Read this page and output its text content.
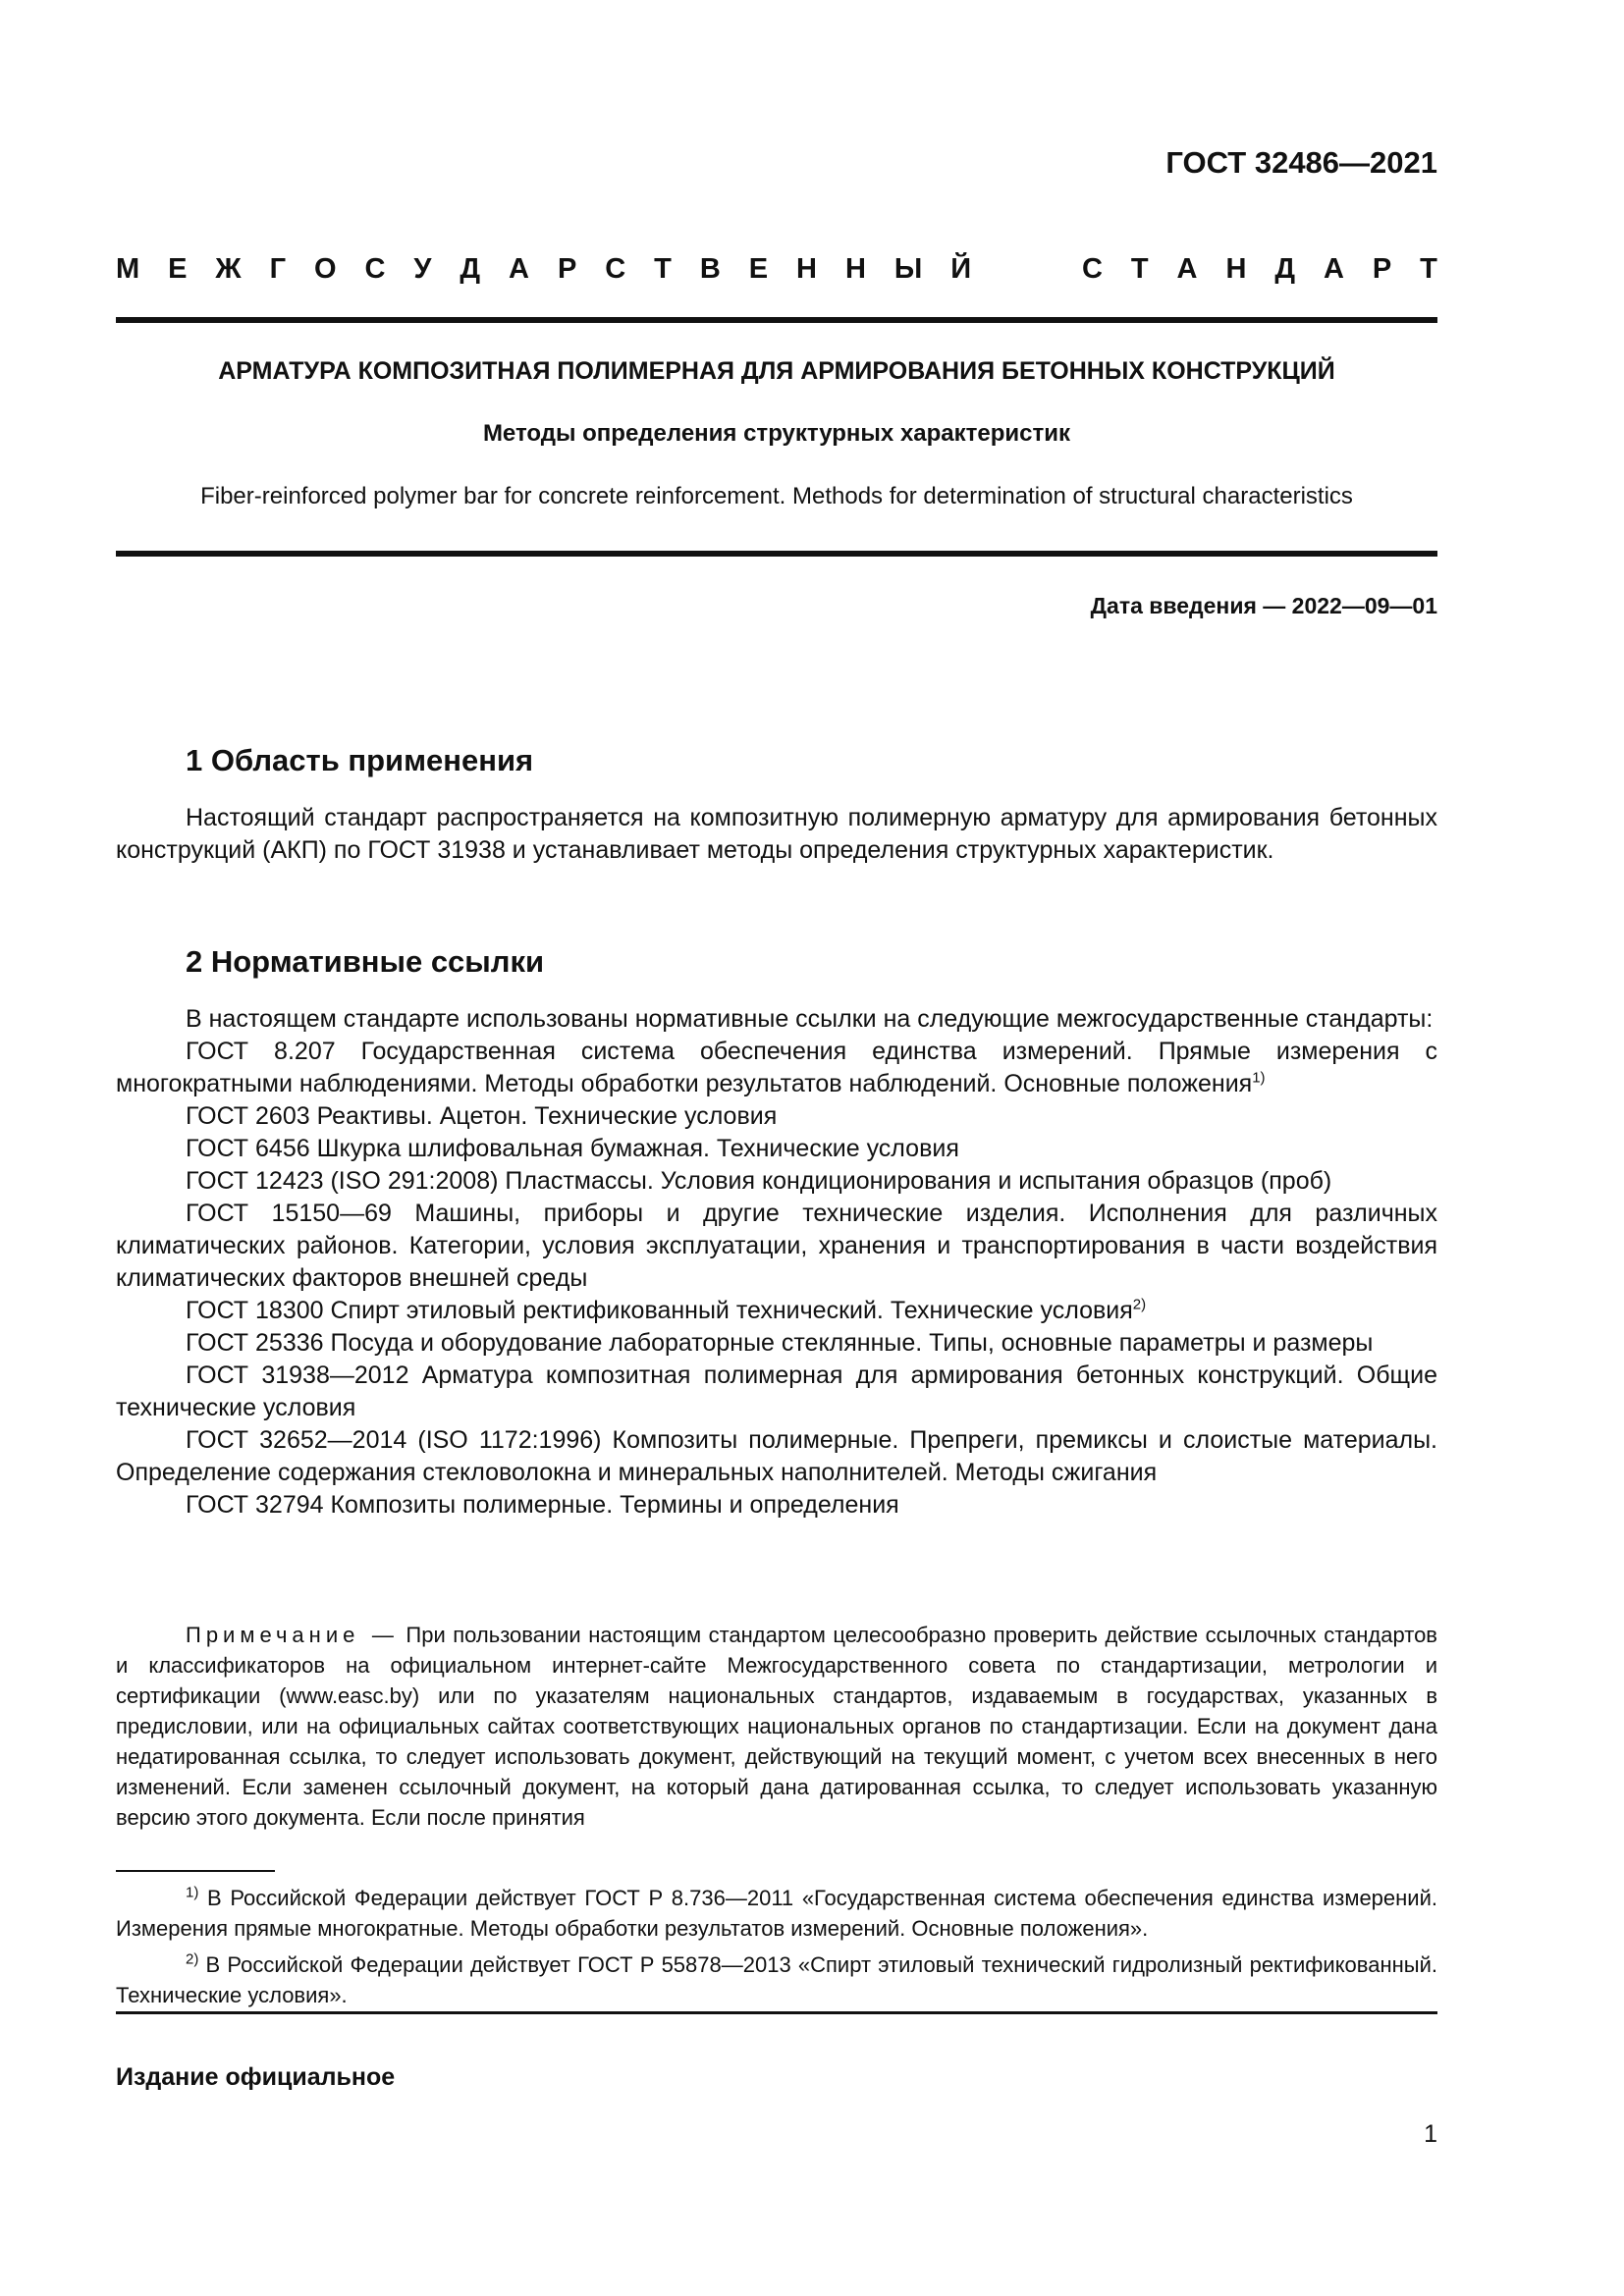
ГОСТ 32486—2021
М Е Ж Г О С У Д А Р С Т В Е Н Н Ы Й	С Т А Н Д А Р Т
АРМАТУРА КОМПОЗИТНАЯ ПОЛИМЕРНАЯ ДЛЯ АРМИРОВАНИЯ БЕТОННЫХ КОНСТРУКЦИЙ
Методы определения структурных характеристик
Fiber-reinforced polymer bar for concrete reinforcement. Methods for determination of structural characteristics
Дата введения — 2022—09—01
1 Область применения

Настоящий стандарт распространяется на композитную полимерную арматуру для армирования бетонных конструкций (АКП) по ГОСТ 31938 и устанавливает методы определения структурных характеристик.

2 Нормативные ссылки

В настоящем стандарте использованы нормативные ссылки на следующие межгосударственные стандарты:

ГОСТ 8.207 Государственная система обеспечения единства измерений. Прямые измерения с многократными наблюдениями. Методы обработки результатов наблюдений. Основные положения$^{1)}$

ГОСТ 2603 Реактивы. Ацетон. Технические условия

ГОСТ 6456 Шкурка шлифовальная бумажная. Технические условия

ГОСТ 12423 (ISO 291:2008) Пластмассы. Условия кондиционирования и испытания образцов (проб)

ГОСТ 15150—69 Машины, приборы и другие технические изделия. Исполнения для различных климатических районов. Категории, условия эксплуатации, хранения и транспортирования в части воздействия климатических факторов внешней среды

ГОСТ 18300 Спирт этиловый ректификованный технический. Технические условия$^{2)}$

ГОСТ 25336 Посуда и оборудование лабораторные стеклянные. Типы, основные параметры и размеры

ГОСТ 31938—2012 Арматура композитная полимерная для армирования бетонных конструкций. Общие технические условия

ГОСТ 32652—2014 (ISO 1172:1996) Композиты полимерные. Препреги, премиксы и слоистые материалы. Определение содержания стекловолокна и минеральных наполнителей. Методы сжигания

ГОСТ 32794 Композиты полимерные. Термины и определения

Примечание — При пользовании настоящим стандартом целесообразно проверить действие ссылочных стандартов и классификаторов на официальном интернет-сайте Межгосударственного совета по стандартизации, метрологии и сертификации (www.easc.by) или по указателям национальных стандартов, издаваемым в государствах, указанных в предисловии, или на официальных сайтах соответствующих национальных органов по стандартизации. Если на документ дана недатированная ссылка, то следует использовать документ, действующий на текущий момент, с учетом всех внесенных в него изменений. Если заменен ссылочный документ, на который дана датированная ссылка, то следует использовать указанную версию этого документа. Если после принятия

$^{1)}$ В Российской Федерации действует ГОСТ Р 8.736—2011 «Государственная система обеспечения единства измерений. Измерения прямые многократные. Методы обработки результатов измерений. Основные положения».

$^{2)}$ В Российской Федерации действует ГОСТ Р 55878—2013 «Спирт этиловый технический гидролизный ректификованный. Технические условия».

Издание официальное
1
